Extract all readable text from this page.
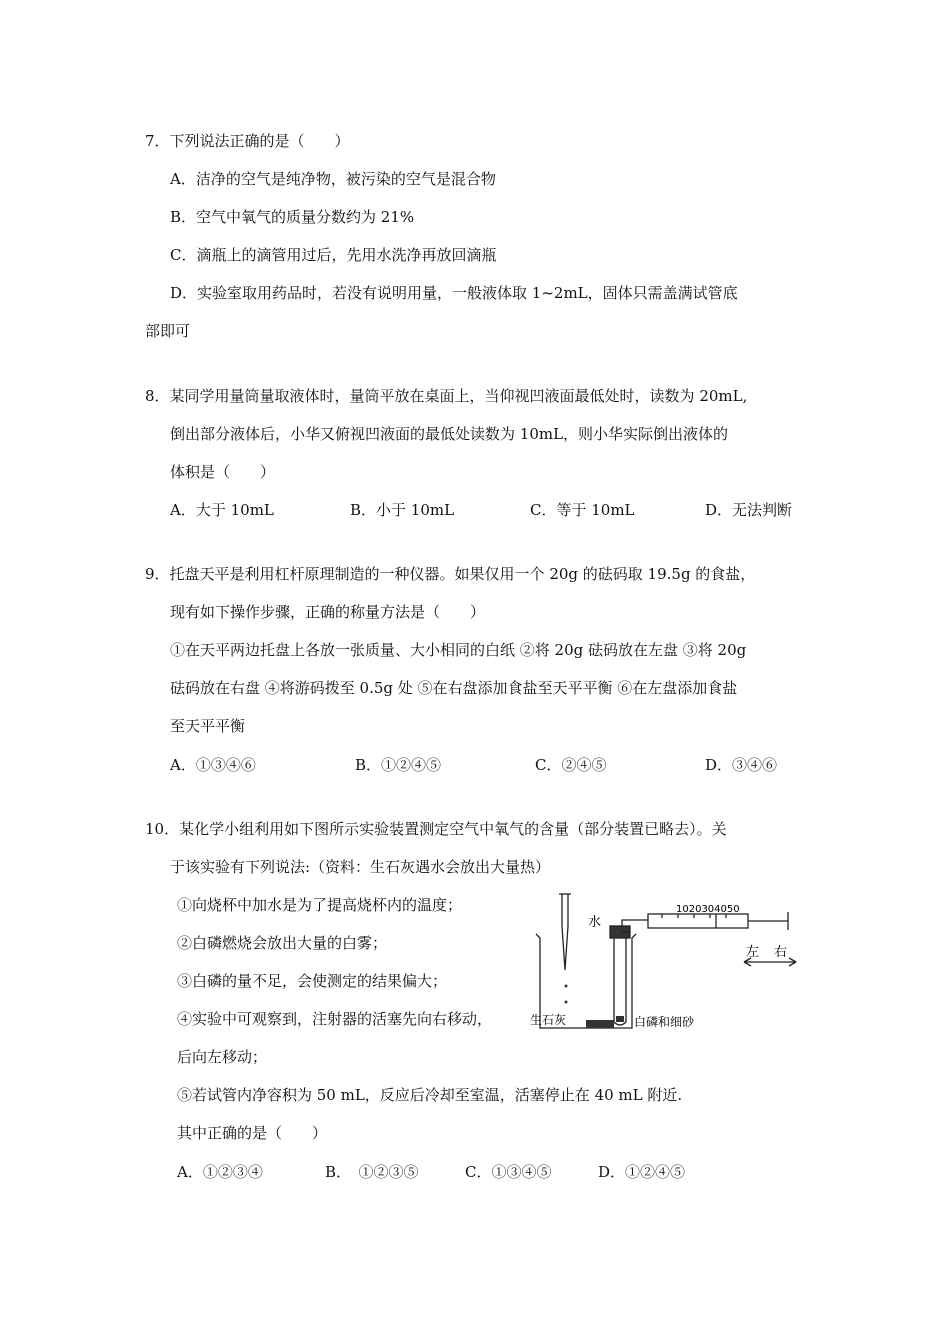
7．下列说法正确的是（　　）
A．洁净的空气是纯净物，被污染的空气是混合物
B．空气中氧气的质量分数约为 21%
C．滴瓶上的滴管用过后，先用水洗净再放回滴瓶
D．实验室取用药品时，若没有说明用量，一般液体取 1~2mL，固体只需盖满试管底
部即可
8．某同学用量筒量取液体时，量筒平放在桌面上，当仰视凹液面最低处时，读数为 20mL,
倒出部分液体后，小华又俯视凹液面的最低处读数为 10mL，则小华实际倒出液体的
体积是（　　）
A．大于 10mL	B．小于 10mL	C．等于 10mL	D．无法判断
9．托盘天平是利用杠杆原理制造的一种仪器。如果仅用一个 20g 的砝码取 19.5g 的食盐，
现有如下操作步骤，正确的称量方法是（　　）
①在天平两边托盘上各放一张质量、大小相同的白纸 ②将 20g 砝码放在左盘 ③将 20g
砝码放在右盘 ④将游码拨至 0.5g 处 ⑤在右盘添加食盐至天平平衡 ⑥在左盘添加食盐
至天平平衡
A．①③④⑥	B．①②④⑤	C．②④⑤	D．③④⑥
10．某化学小组利用如下图所示实验装置测定空气中氧气的含量（部分装置已略去）。关
于该实验有下列说法:（资料：生石灰遇水会放出大量热）
①向烧杯中加水是为了提高烧杯内的温度；
②白磷燃烧会放出大量的白雾；
③白磷的量不足，会使测定的结果偏大；
④实验中可观察到，注射器的活塞先向右移动，
后向左移动；
⑤若试管内净容积为 50 mL，反应后冷却至室温，活塞停止在 40 mL 附近.
其中正确的是（　　）
A．①②③④	B．　①②③⑤	C．①③④⑤	D．①②④⑤
水
1020304050
左 右
生石灰	白磷和细砂
